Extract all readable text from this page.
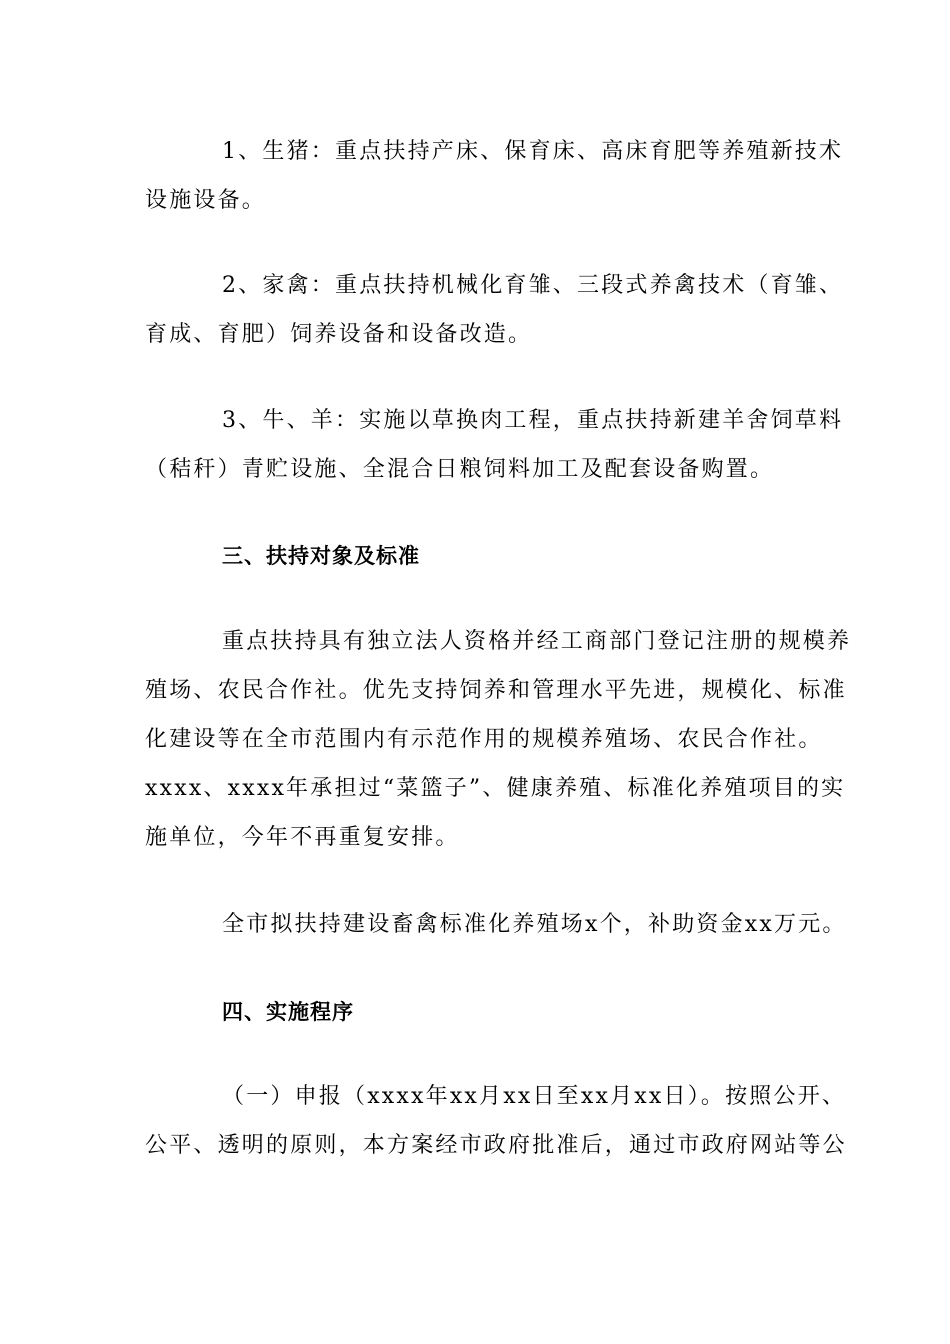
1、生猪：重点扶持产床、保育床、高床育肥等养殖新技术
设施设备。
2、家禽：重点扶持机械化育雏、三段式养禽技术（育雏、
育成、育肥）饲养设备和设备改造。
3、牛、羊：实施以草换肉工程，重点扶持新建羊舍饲草料
（秸秆）青贮设施、全混合日粮饲料加工及配套设备购置。
三、扶持对象及标准
重点扶持具有独立法人资格并经工商部门登记注册的规模养
殖场、农民合作社。优先支持饲养和管理水平先进，规模化、标准
化建设等在全市范围内有示范作用的规模养殖场、农民合作社。
xxxx、xxxx年承担过“菜篮子”、健康养殖、标准化养殖项目的实
施单位，今年不再重复安排。
全市拟扶持建设畜禽标准化养殖场x个，补助资金xx万元。
四、实施程序
（一）申报（xxxx年xx月xx日至xx月xx日）。按照公开、
公平、透明的原则，本方案经市政府批准后，通过市政府网站等公
